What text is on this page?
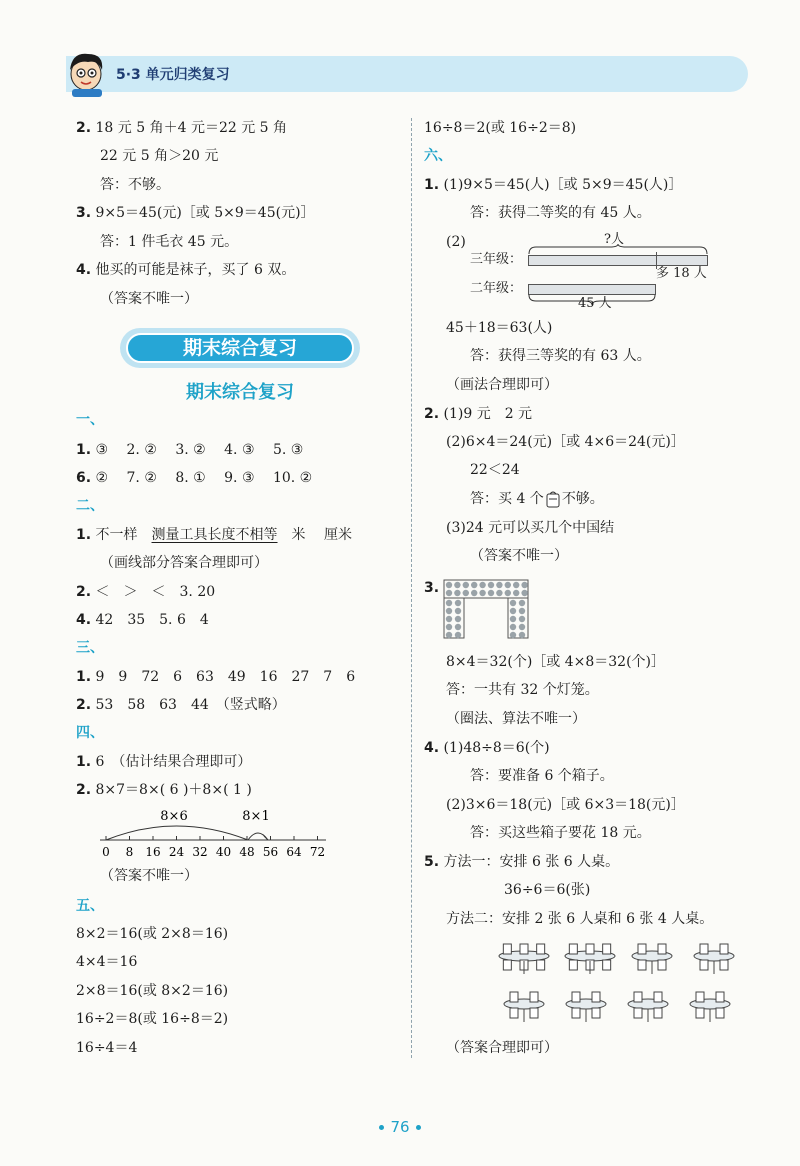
5·3 单元归类复习
2. 18 元 5 角＋4 元＝22 元 5 角
22 元 5 角＞20 元
答：不够。
3. 9×5＝45(元)［或 5×9＝45(元)］
答：1 件毛衣 45 元。
4. 他买的可能是袜子，买了 6 双。
（答案不唯一）
期末综合复习
期末综合复习
一、
1. ③　 2. ②　 3. ②　 4. ③　 5. ③
6. ②　 7. ②　 8. ①　 9. ③　 10. ②
二、
1. 不一样　测量工具长度不相等　米　 厘米
（画线部分答案合理即可）
2. ＜　＞　＜　3. 20
4. 42　35　5. 6　4
三、
1. 9　9　72　6　63　49　16　27　7　6
2. 53　58　63　44　（竖式略）
四、
1. 6　（估计结果合理即可）
2. 8×7＝8×( 6 )＋8×( 1 )
8×6	8×1
0 8 16 24 32 40 48 56 64 72
（答案不唯一）
五、
8×2＝16(或 2×8＝16)
4×4＝16
2×8＝16(或 8×2＝16)
16÷2＝8(或 16÷8＝2)
16÷4＝4
16÷8＝2(或 16÷2＝8)
六、
1. (1)9×5＝45(人)［或 5×9＝45(人)］
答：获得二等奖的有 45 人。
(2)	?人
三年级：
多 18 人
二年级：
45 人
45＋18＝63(人)
答：获得三等奖的有 63 人。
（画法合理即可）
2. (1)9 元　2 元
(2)6×4＝24(元)［或 4×6＝24(元)］
22＜24
答：买 4 个 不够。
(3)24 元可以买几个中国结
（答案不唯一）
3.
8×4＝32(个)［或 4×8＝32(个)］
答：一共有 32 个灯笼。
（圈法、算法不唯一）
4. (1)48÷8＝6(个)
答：要准备 6 个箱子。
(2)3×6＝18(元)［或 6×3＝18(元)］
答：买这些箱子要花 18 元。
5. 方法一：安排 6 张 6 人桌。
36÷6＝6(张)
方法二：安排 2 张 6 人桌和 6 张 4 人桌。
（答案合理即可）
76
